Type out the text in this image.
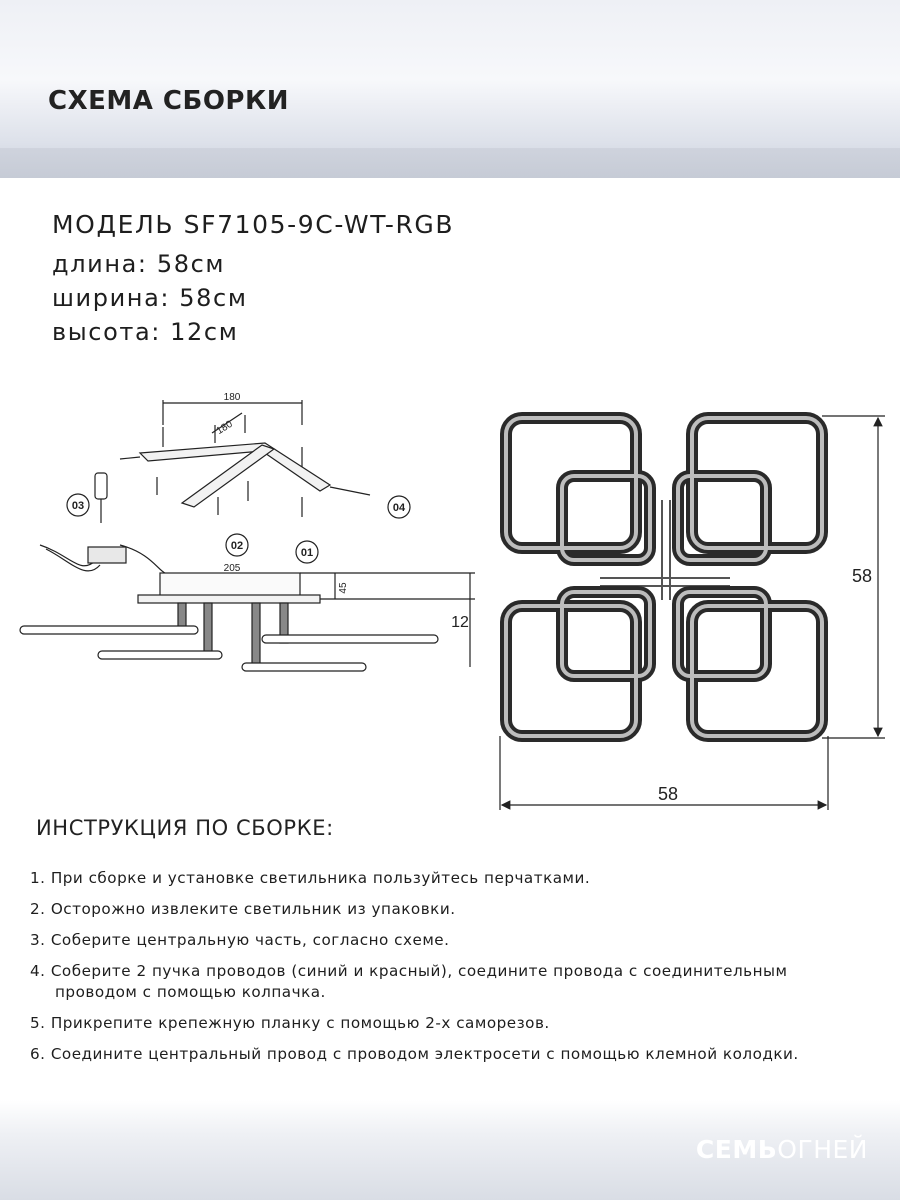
СХЕМА СБОРКИ
МОДЕЛЬ SF7105-9C-WT-RGB
длина: 58см
ширина: 58см
высота: 12см
180
180
205
45
12
03
02
01
04
58
58
ИНСТРУКЦИЯ ПО СБОРКЕ:
1. При сборке и установке светильника пользуйтесь перчатками.
2. Осторожно извлеките светильник из упаковки.
3. Соберите центральную часть, согласно схеме.
4. Соберите 2 пучка проводов (синий и красный), соедините провода с соединительным
проводом с помощью колпачка.
5. Прикрепите крепежную планку с помощью 2-х саморезов.
6. Соедините центральный провод с проводом электросети с помощью клемной колодки.
СЕМЬОГНЕЙ
